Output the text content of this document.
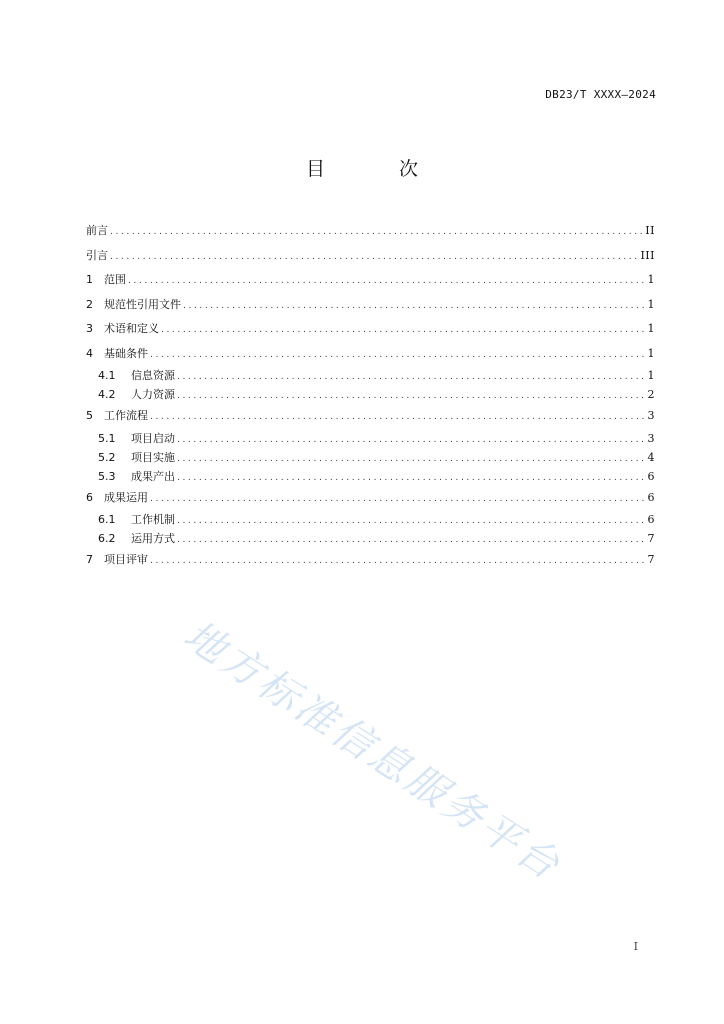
DB23/T XXXX—2024
目 次
前言 .....	II
引言 .....	III
1	范围 .....	1
2	规范性引用文件 .....	1
3	术语和定义 .....	1
4	基础条件 .....	1
4.1	信息资源 .....	1
4.2	人力资源 .....	2
5	工作流程 .....	3
5.1	项目启动 .....	3
5.2	项目实施 .....	4
5.3	成果产出 .....	6
6	成果运用 .....	6
6.1	工作机制 .....	6
6.2	运用方式 .....	7
7	项目评审 .....	7
地方标准信息服务平台
I
